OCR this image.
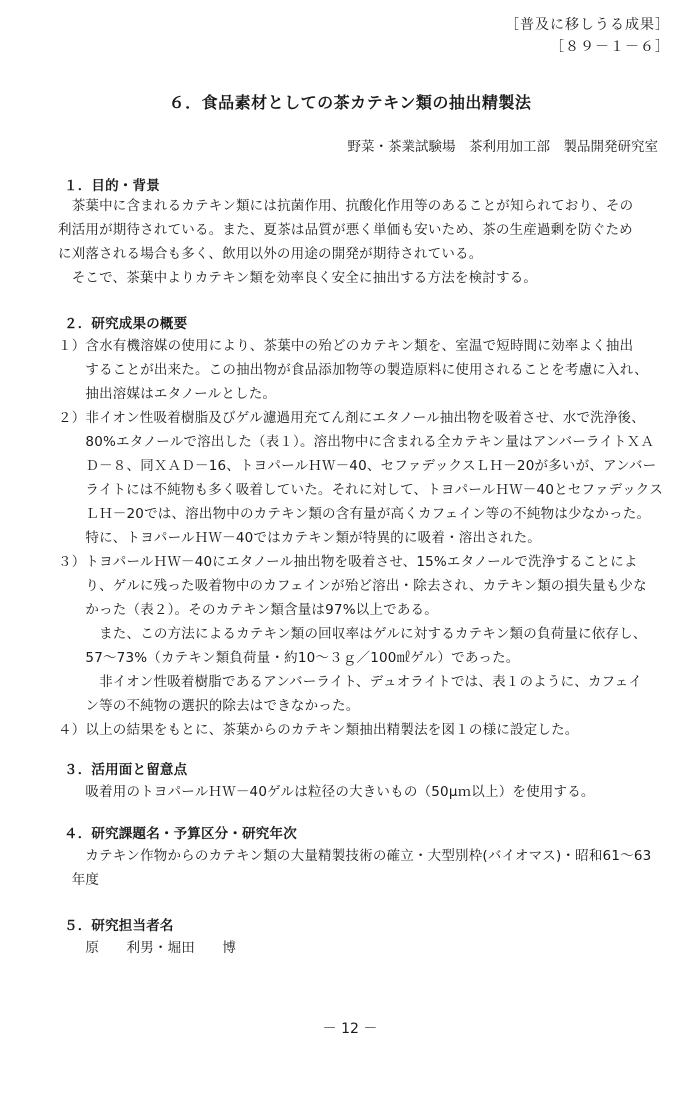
［普及に移しうる成果］
［８９－１－６］
６．食品素材としての茶カテキン類の抽出精製法
野菜・茶業試験場　茶利用加工部　製品開発研究室
１．目的・背景
　茶葉中に含まれるカテキン類には抗菌作用、抗酸化作用等のあることが知られており、その
利活用が期待されている。また、夏茶は品質が悪く単価も安いため、茶の生産過剰を防ぐため
に刈落される場合も多く、飲用以外の用途の開発が期待されている。
　そこで、茶葉中よりカテキン類を効率良く安全に抽出する方法を検討する。
２．研究成果の概要
１）含水有機溶媒の使用により、茶葉中の殆どのカテキン類を、室温で短時間に効率よく抽出
　　することが出来た。この抽出物が食品添加物等の製造原料に使用されることを考慮に入れ、
　　抽出溶媒はエタノールとした。
２）非イオン性吸着樹脂及びゲル濾過用充てん剤にエタノール抽出物を吸着させ、水で洗浄後、
　　80%エタノールで溶出した（表１）。溶出物中に含まれる全カテキン量はアンバーライトＸＡ
　　Ｄ－８、同ＸＡＤ－16、トヨパールＨＷ－40、セファデックスＬＨ－20が多いが、アンバー
　　ライトには不純物も多く吸着していた。それに対して、トヨパールＨＷ－40とセファデックス
　　ＬＨ－20では、溶出物中のカテキン類の含有量が高くカフェイン等の不純物は少なかった。
　　特に、トヨパールＨＷ－40ではカテキン類が特異的に吸着・溶出された。
３）トヨパールＨＷ－40にエタノール抽出物を吸着させ、15%エタノールで洗浄することによ
　　り、ゲルに残った吸着物中のカフェインが殆ど溶出・除去され、カテキン類の損失量も少な
　　かった（表２）。そのカテキン類含量は97%以上である。
　　　また、この方法によるカテキン類の回収率はゲルに対するカテキン類の負荷量に依存し、
　　57～73%（カテキン類負荷量・約10～３ｇ／100㎖ゲル）であった。
　　　非イオン性吸着樹脂であるアンバーライト、デュオライトでは、表１のように、カフェイ
　　ン等の不純物の選択的除去はできなかった。
４）以上の結果をもとに、茶葉からのカテキン類抽出精製法を図１の様に設定した。
３．活用面と留意点
　　吸着用のトヨパールＨＷ－40ゲルは粒径の大きいもの（50μｍ以上）を使用する。
４．研究課題名・予算区分・研究年次
　　カテキン作物からのカテキン類の大量精製技術の確立・大型別枠(バイオマス)・昭和61～63
　年度
５．研究担当者名
　　原　　利男・堀田　　博
－ 12 －
